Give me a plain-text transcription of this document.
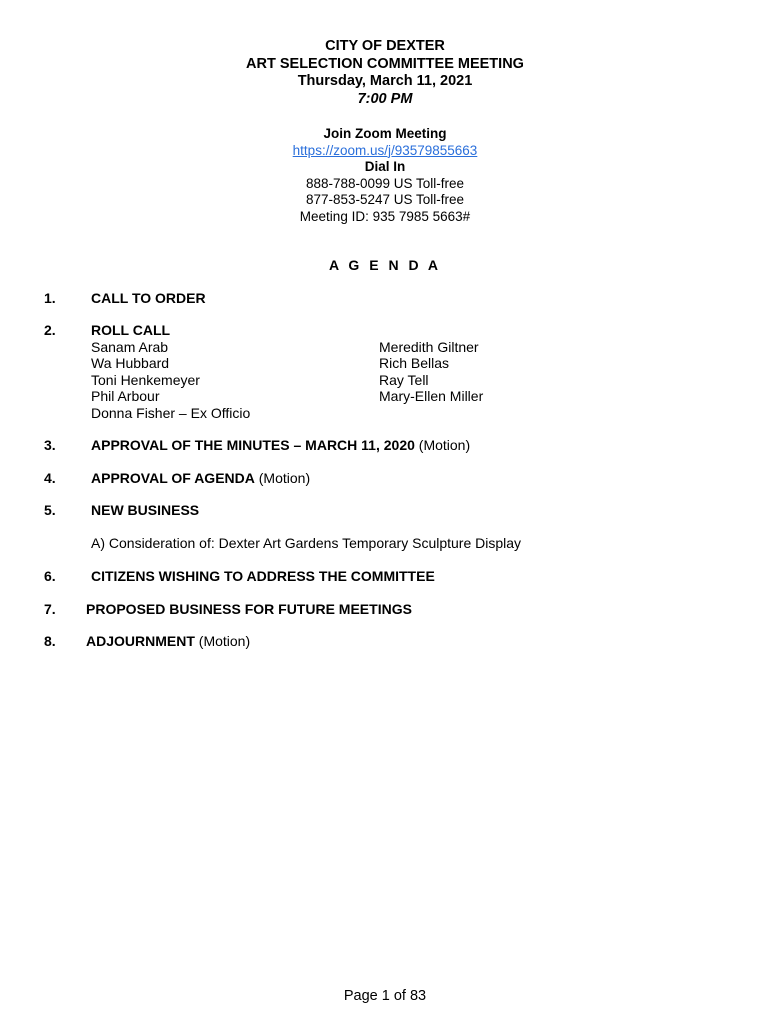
CITY OF DEXTER
ART SELECTION COMMITTEE MEETING
Thursday, March 11, 2021
7:00 PM
Join Zoom Meeting
https://zoom.us/j/93579855663
Dial In
888-788-0099 US Toll-free
877-853-5247 US Toll-free
Meeting ID: 935 7985 5663#
A G E N D A
1.	CALL TO ORDER
2.	ROLL CALL
Sanam Arab
Wa Hubbard
Toni Henkemeyer
Phil Arbour
Donna Fisher – Ex Officio
Meredith Giltner
Rich Bellas
Ray Tell
Mary-Ellen Miller
3.	APPROVAL OF THE MINUTES – MARCH 11, 2020 (Motion)
4.	APPROVAL OF AGENDA (Motion)
5.	NEW BUSINESS
A) Consideration of: Dexter Art Gardens Temporary Sculpture Display
6.	CITIZENS WISHING TO ADDRESS THE COMMITTEE
7. PROPOSED BUSINESS FOR FUTURE MEETINGS
8. ADJOURNMENT (Motion)
Page 1 of 83
